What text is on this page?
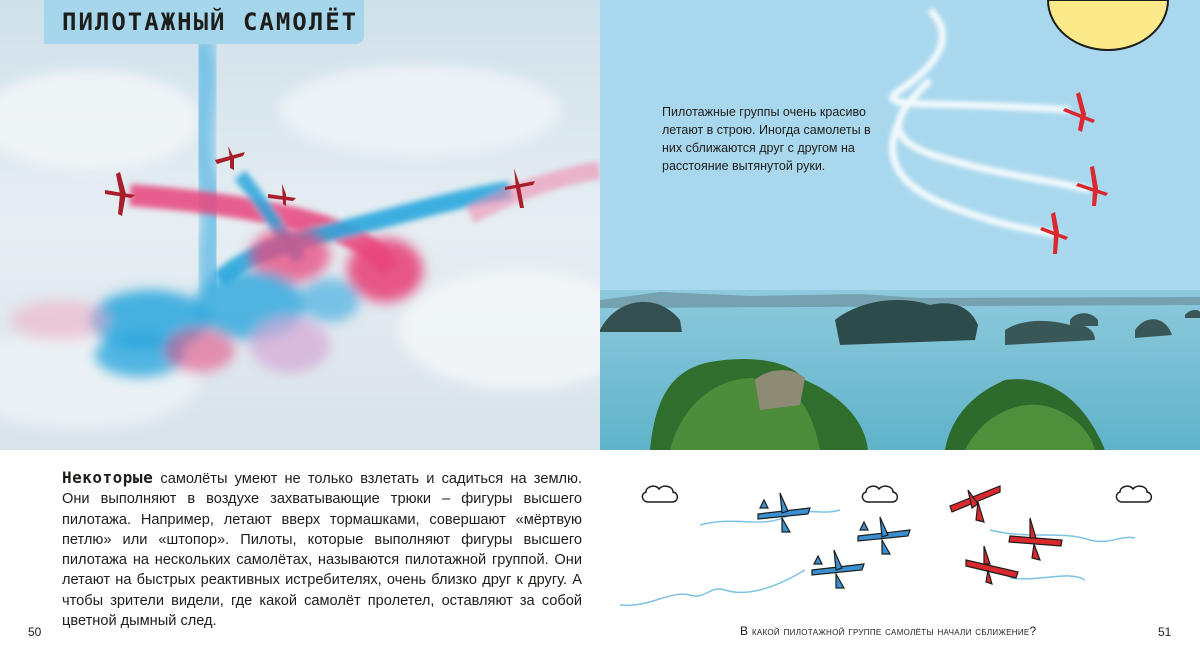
ПИЛОТАЖНЫЙ САМОЛЁТ
Пилотажные группы очень красиво летают в строю. Иногда самолеты в них сближаются друг с другом на расстояние вытянутой руки.
Некоторые самолёты умеют не только взлетать и садиться на землю. Они выполняют в воздухе захватывающие трюки – фигуры высшего пилотажа. Например, летают вверх тормашками, совершают «мёртвую петлю» или «штопор». Пилоты, которые выполняют фигуры высшего пилотажа на нескольких самолётах, называются пилотажной группой. Они летают на быстрых реактивных истребителях, очень близко друг к другу. А чтобы зрители видели, где какой самолёт пролетел, оставляют за собой цветной дымный след.
В какой пилотажной группе самолёты начали сближение?
50	51
